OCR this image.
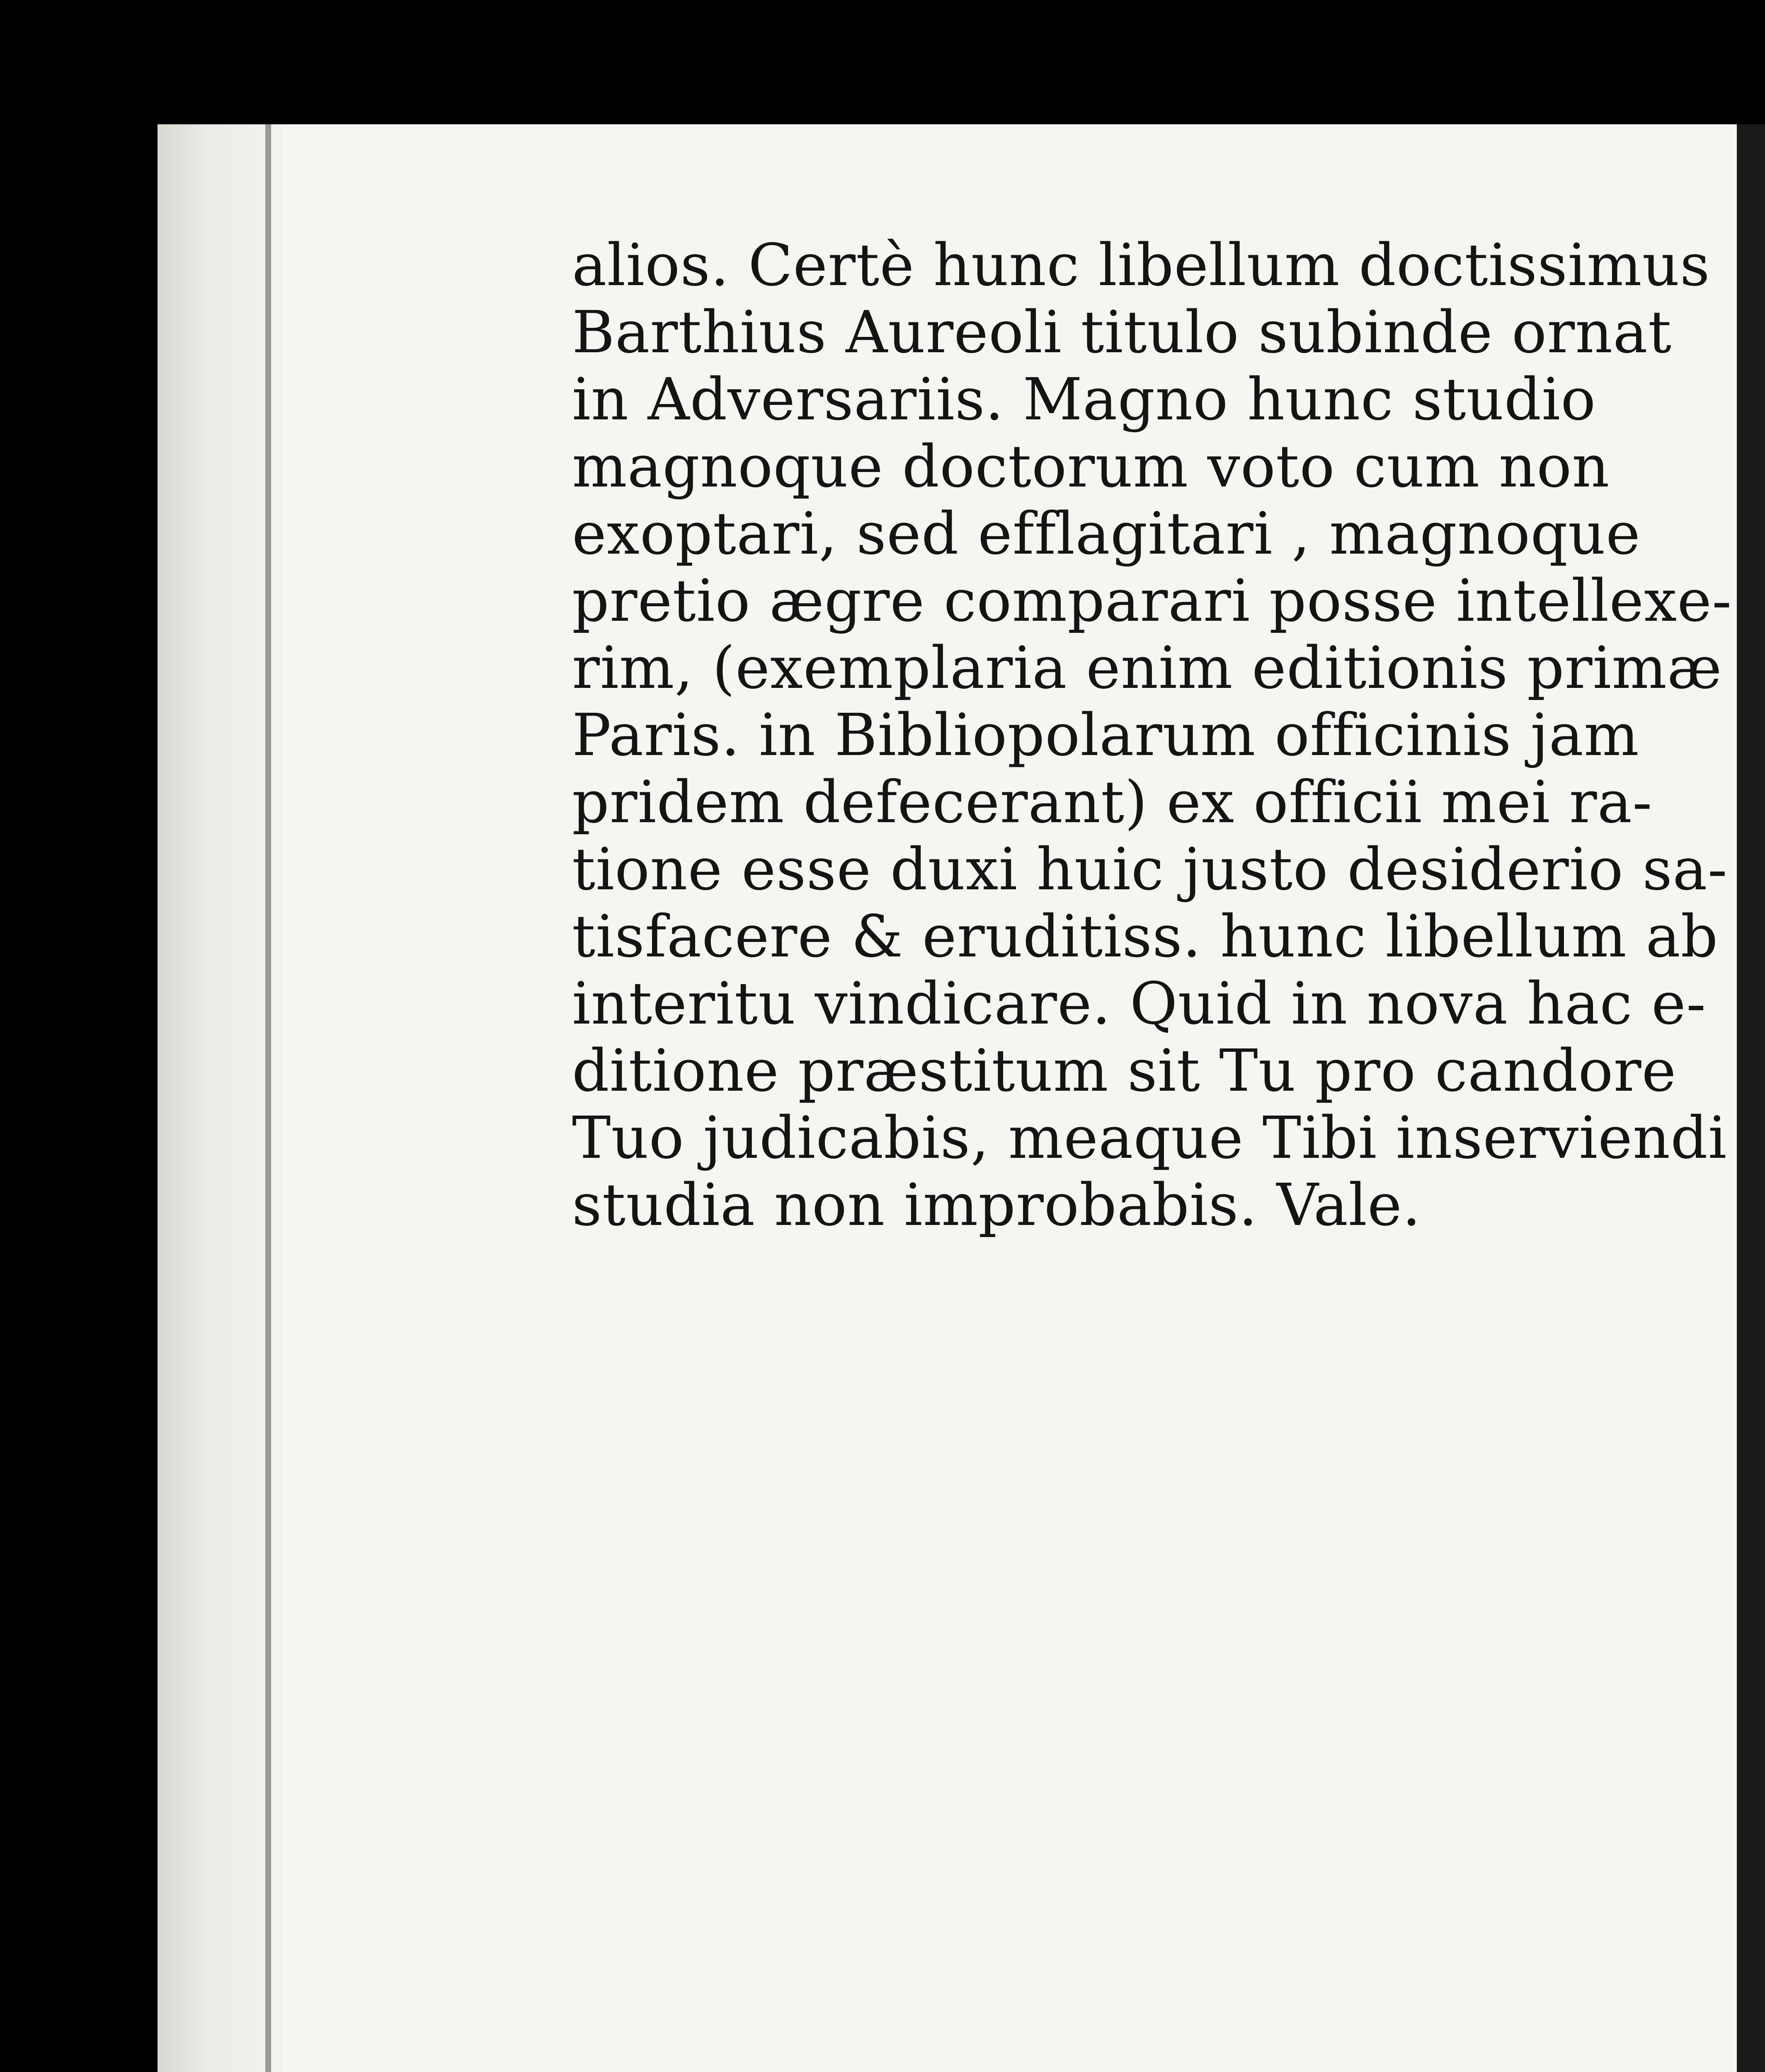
alios. Certè hunc libellum doctissimus
Barthius Aureoli titulo subinde ornat
in Adversariis. Magno hunc studio
magnoque doctorum voto cum non
exoptari, sed efflagitari , magnoque
pretio ægre comparari posse intellexe-
rim, (exemplaria enim editionis primæ
Paris. in Bibliopolarum officinis jam
pridem defecerant) ex officii mei ra-
tione esse duxi huic justo desiderio sa-
tisfacere & eruditiss. hunc libellum ab
interitu vindicare. Quid in nova hac e-
ditione præstitum sit Tu pro candore
Tuo judicabis, meaque Tibi inserviendi
studia non improbabis. Vale.
